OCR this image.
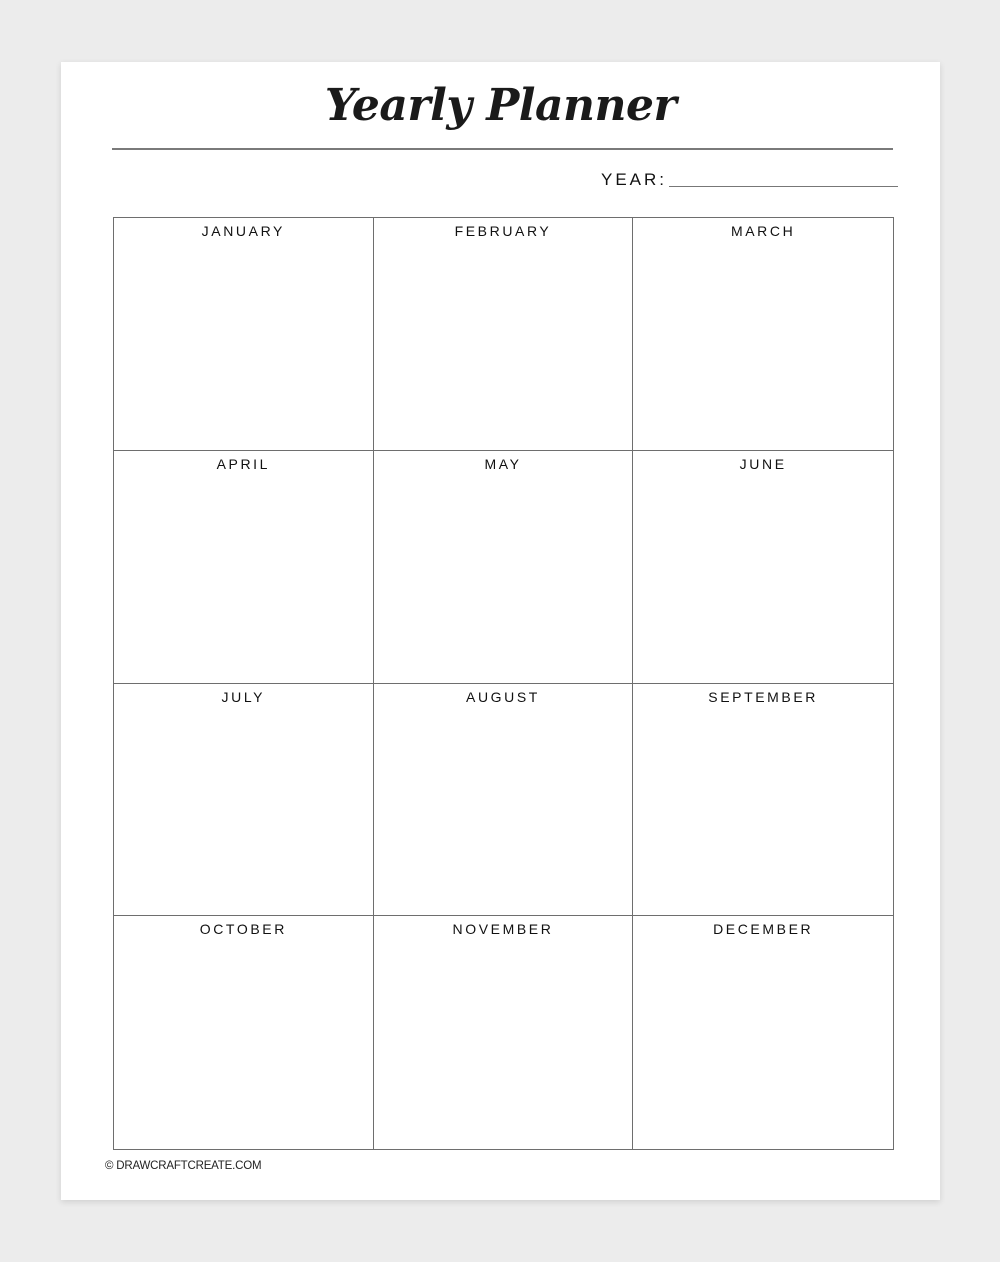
Yearly Planner
YEAR:
JANUARY	FEBRUARY	MARCH
APRIL	MAY	JUNE
JULY	AUGUST	SEPTEMBER
OCTOBER	NOVEMBER	DECEMBER
© DRAWCRAFTCREATE.COM
